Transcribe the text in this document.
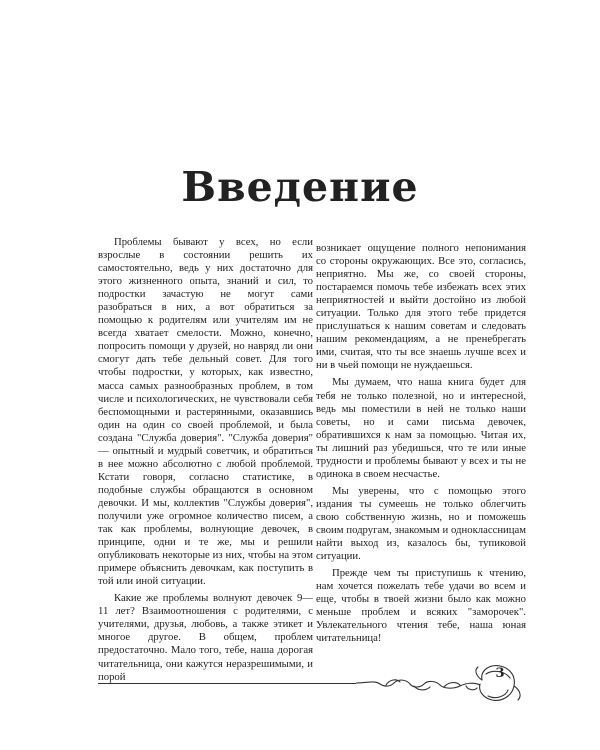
Введение

Проблемы бывают у всех, но если взрослые в состоянии решить их самостоятельно, ведь у них достаточно для этого жизненного опыта, знаний и сил, то подростки зачастую не могут сами разобраться в них, а вот обратиться за помощью к родителям или учителям им не всегда хватает смелости. Можно, конечно, попросить помощи у друзей, но навряд ли они смогут дать тебе дельный совет. Для того чтобы подростки, у которых, как известно, масса самых разнообразных проблем, в том числе и психологических, не чувствовали себя беспомощными и растерянными, оказавшись один на один со своей проблемой, и была создана "Служба доверия". "Служба доверия" — опытный и мудрый советчик, и обратиться в нее можно абсолютно с любой проблемой. Кстати говоря, согласно статистике, в подобные службы обращаются в основном девочки. И мы, коллектив "Службы доверия", получили уже огромное количество писем, а так как проблемы, волнующие девочек, в принципе, одни и те же, мы и решили опубликовать некоторые из них, чтобы на этом примере объяснить девочкам, как поступить в той или иной ситуации.

Какие же проблемы волнуют девочек 9—11 лет? Взаимоотношения с родителями, с учителями, друзья, любовь, а также этикет и многое другое. В общем, проблем предостаточно. Мало того, тебе, наша дорогая читательница, они кажутся неразрешимыми, и порой

возникает ощущение полного непонимания со стороны окружающих. Все это, согласись, неприятно. Мы же, со своей стороны, постараемся помочь тебе избежать всех этих неприятностей и выйти достойно из любой ситуации. Только для этого тебе придется прислушаться к нашим советам и следовать нашим рекомендациям, а не пренебрегать ими, считая, что ты все знаешь лучше всех и ни в чьей помощи не нуждаешься.

Мы думаем, что наша книга будет для тебя не только полезной, но и интересной, ведь мы поместили в ней не только наши советы, но и сами письма девочек, обратившихся к нам за помощью. Читая их, ты лишний раз убедишься, что те или иные трудности и проблемы бывают у всех и ты не одинока в своем несчастье.

Мы уверены, что с помощью этого издания ты сумеешь не только облегчить свою собственную жизнь, но и поможешь своим подругам, знакомым и одноклассницам найти выход из, казалось бы, тупиковой ситуации.

Прежде чем ты приступишь к чтению, нам хочется пожелать тебе удачи во всем и еще, чтобы в твоей жизни было как можно меньше проблем и всяких "заморочек". Увлекательного чтения тебе, наша юная читательница!

3
